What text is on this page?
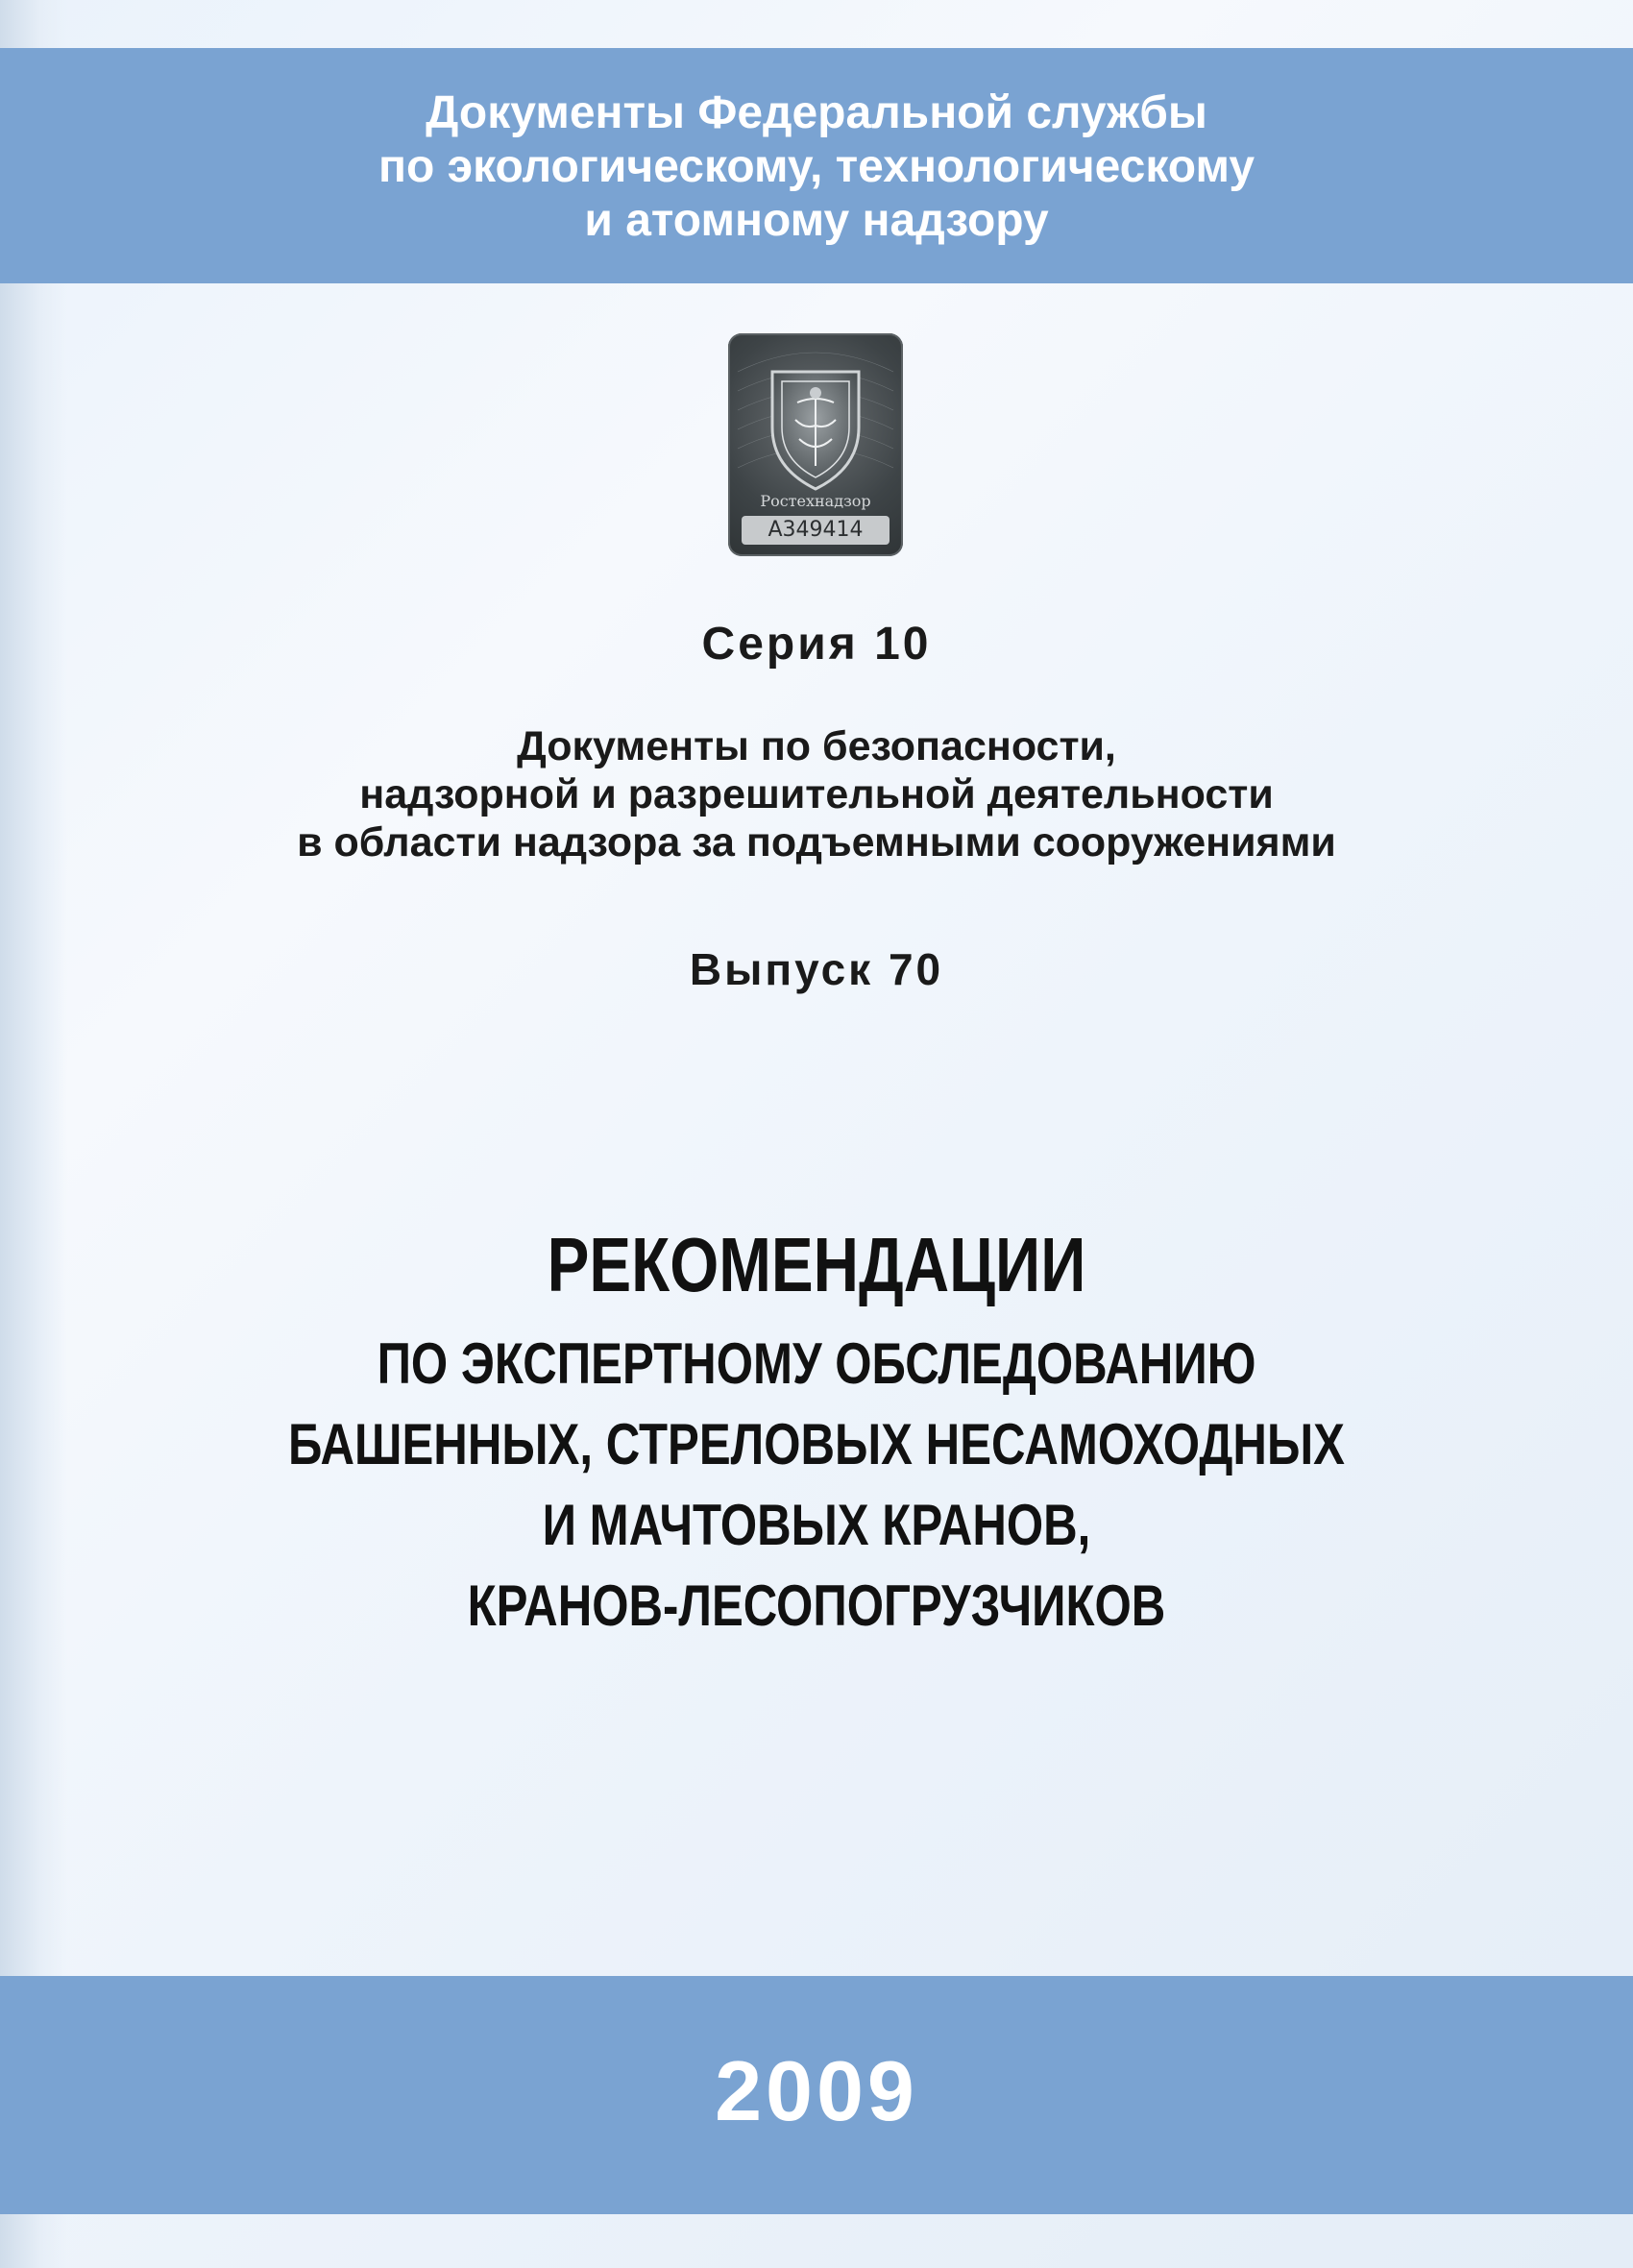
Документы Федеральной службы
по экологическому, технологическому
и атомному надзору
Ростехнадзор
А349414
Серия 10
Документы по безопасности,
надзорной и разрешительной деятельности
в области надзора за подъемными сооружениями
Выпуск 70
РЕКОМЕНДАЦИИ
ПО ЭКСПЕРТНОМУ ОБСЛЕДОВАНИЮ
БАШЕННЫХ, СТРЕЛОВЫХ НЕСАМОХОДНЫХ
И МАЧТОВЫХ КРАНОВ,
КРАНОВ-ЛЕСОПОГРУЗЧИКОВ
2009
